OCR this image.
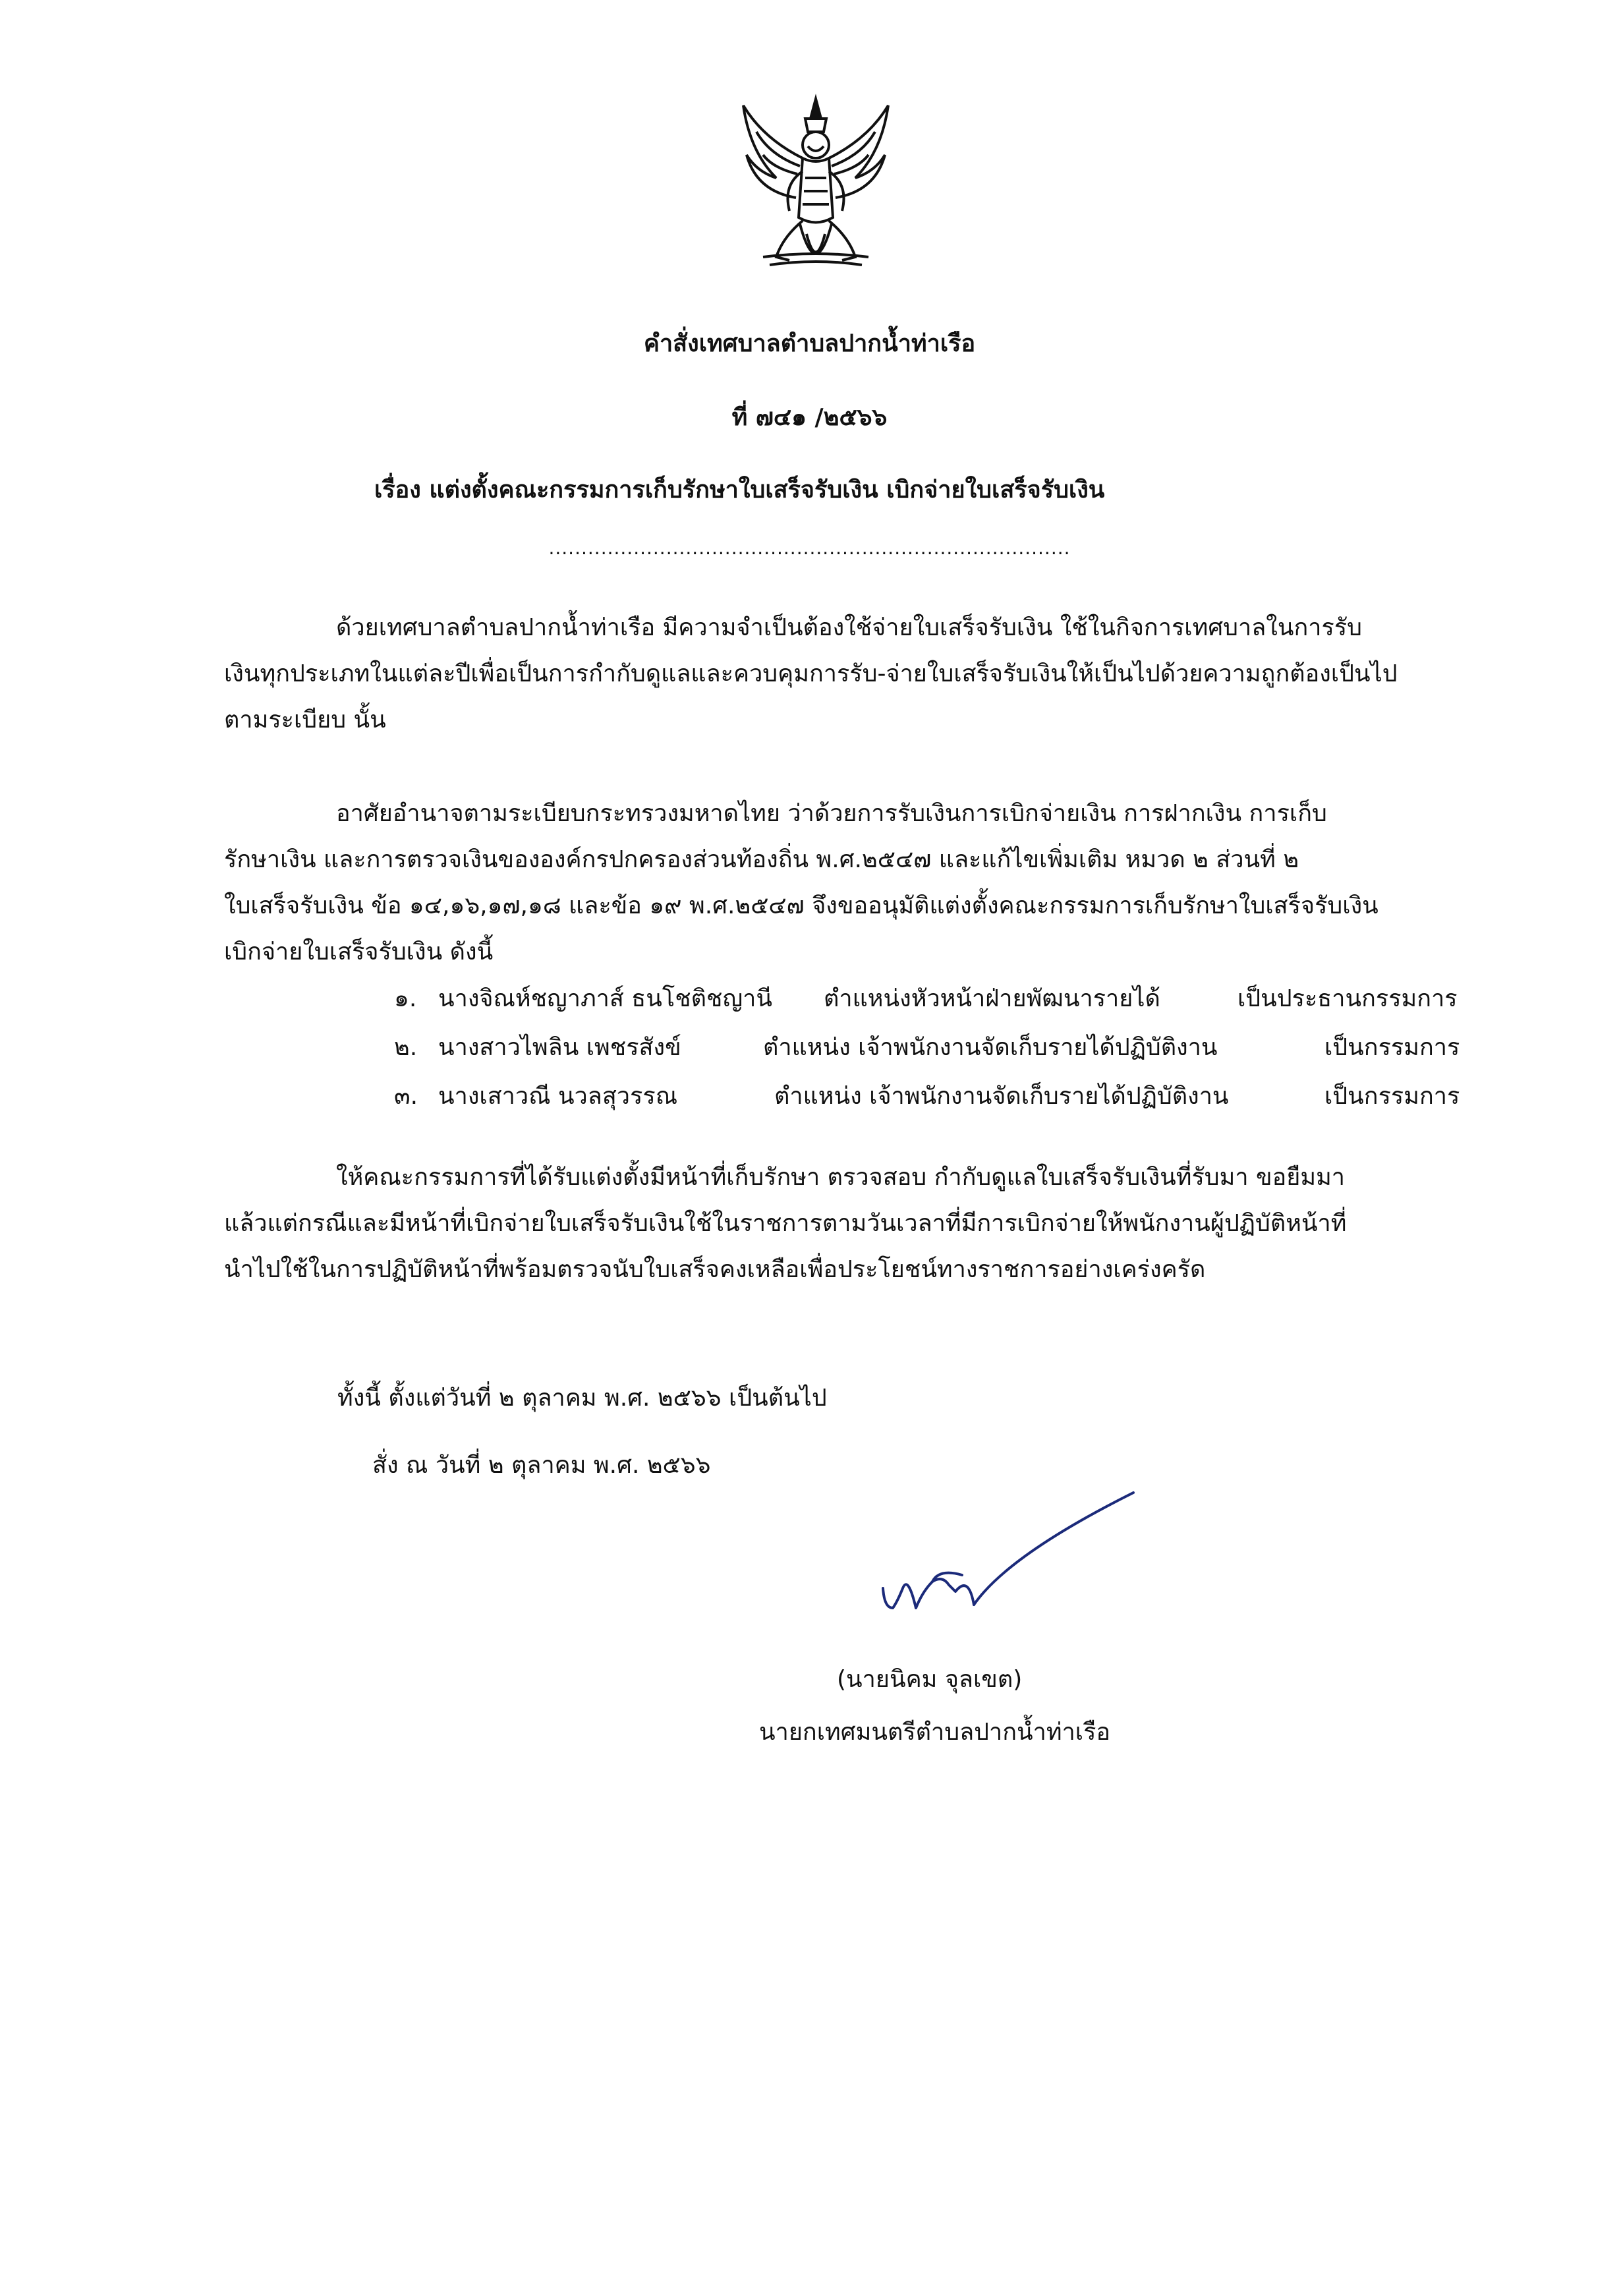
คำสั่งเทศบาลตำบลปากน้ำท่าเรือ
ที่ ๗๔๑ /๒๕๖๖
เรื่อง แต่งตั้งคณะกรรมการเก็บรักษาใบเสร็จรับเงิน เบิกจ่ายใบเสร็จรับเงิน
................................................................................
ด้วยเทศบาลตำบลปากน้ำท่าเรือ มีความจำเป็นต้องใช้จ่ายใบเสร็จรับเงิน ใช้ในกิจการเทศบาลในการรับ
เงินทุกประเภทในแต่ละปีเพื่อเป็นการกำกับดูแลและควบคุมการรับ-จ่ายใบเสร็จรับเงินให้เป็นไปด้วยความถูกต้องเป็นไป
ตามระเบียบ นั้น
อาศัยอำนาจตามระเบียบกระทรวงมหาดไทย ว่าด้วยการรับเงินการเบิกจ่ายเงิน การฝากเงิน การเก็บ
รักษาเงิน และการตรวจเงินขององค์กรปกครองส่วนท้องถิ่น พ.ศ.๒๕๔๗ และแก้ไขเพิ่มเติม หมวด ๒ ส่วนที่ ๒
ใบเสร็จรับเงิน ข้อ ๑๔,๑๖,๑๗,๑๘ และข้อ ๑๙ พ.ศ.๒๕๔๗ จึงขออนุมัติแต่งตั้งคณะกรรมการเก็บรักษาใบเสร็จรับเงิน
เบิกจ่ายใบเสร็จรับเงิน ดังนี้
๑. นางจิณห์ชญาภาส์ ธนโชติชญานี ตำแหน่งหัวหน้าฝ่ายพัฒนารายได้	เป็นประธานกรรมการ
๒. นางสาวไพลิน เพชรสังข์	ตำแหน่ง เจ้าพนักงานจัดเก็บรายได้ปฏิบัติงาน	เป็นกรรมการ
๓. นางเสาวณี นวลสุวรรณ	ตำแหน่ง เจ้าพนักงานจัดเก็บรายได้ปฏิบัติงาน	เป็นกรรมการ
ให้คณะกรรมการที่ได้รับแต่งตั้งมีหน้าที่เก็บรักษา ตรวจสอบ กำกับดูแลใบเสร็จรับเงินที่รับมา ขอยืมมา
แล้วแต่กรณีและมีหน้าที่เบิกจ่ายใบเสร็จรับเงินใช้ในราชการตามวันเวลาที่มีการเบิกจ่ายให้พนักงานผู้ปฏิบัติหน้าที่
นำไปใช้ในการปฏิบัติหน้าที่พร้อมตรวจนับใบเสร็จคงเหลือเพื่อประโยชน์ทางราชการอย่างเคร่งครัด
ทั้งนี้ ตั้งแต่วันที่ ๒ ตุลาคม พ.ศ. ๒๕๖๖ เป็นต้นไป
สั่ง ณ วันที่ ๒ ตุลาคม พ.ศ. ๒๕๖๖
(นายนิคม จุลเขต)
นายกเทศมนตรีตำบลปากน้ำท่าเรือ
